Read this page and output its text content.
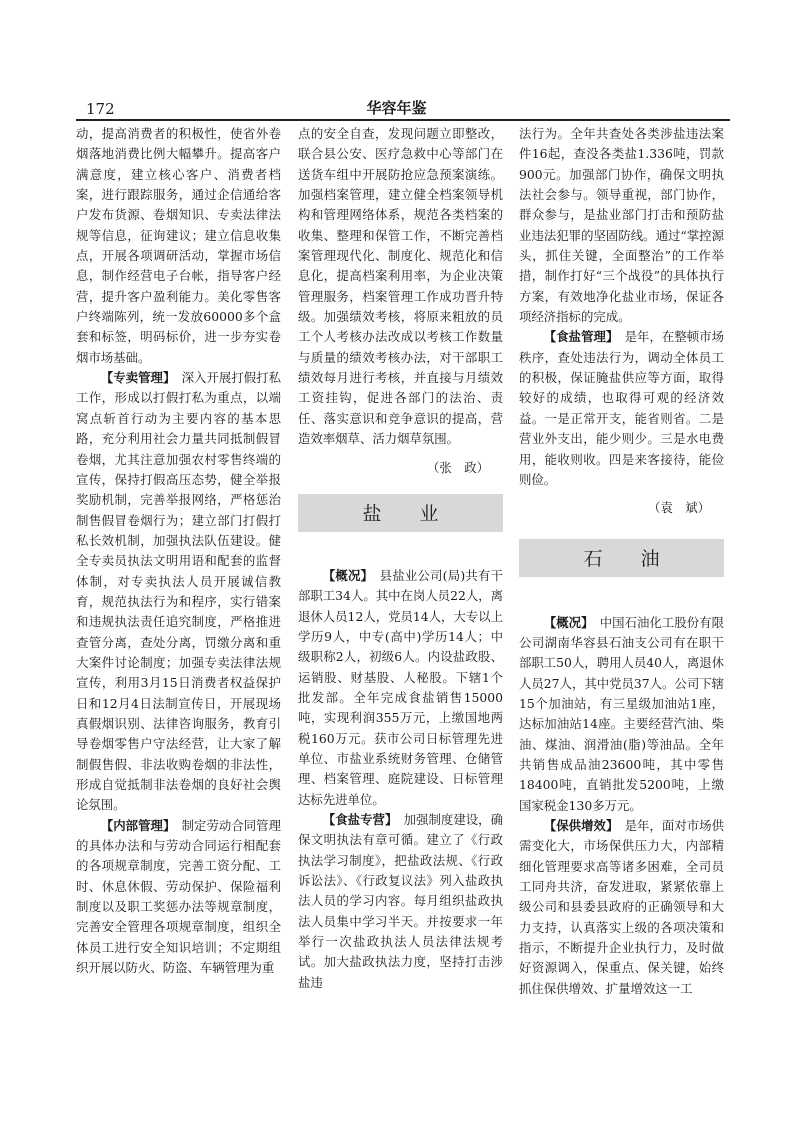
172	华容年鉴

动，提高消费者的积极性，使省外卷烟落地消费比例大幅攀升。提高客户满意度，建立核心客户、消费者档案，进行跟踪服务，通过企信通给客户发布货源、卷烟知识、专卖法律法规等信息，征询建议；建立信息收集点，开展各项调研活动，掌握市场信息，制作经营电子台帐，指导客户经营，提升客户盈利能力。美化零售客户终端陈列，统一发放60000多个盒套和标签，明码标价，进一步夯实卷烟市场基础。

【专卖管理】　 深入开展打假打私工作，形成以打假打私为重点，以端窝点斩首行动为主要内容的基本思路，充分利用社会力量共同抵制假冒卷烟，尤其注意加强农村零售终端的宣传，保持打假高压态势，健全举报奖励机制，完善举报网络，严格惩治制售假冒卷烟行为；建立部门打假打私长效机制，加强执法队伍建设。健全专卖员执法文明用语和配套的监督体制，对专卖执法人员开展诚信教育，规范执法行为和程序，实行错案和违规执法责任追究制度，严格推进查管分离，查处分离，罚缴分离和重大案件讨论制度；加强专卖法律法规宣传，利用3月15日消费者权益保护日和12月4日法制宣传日，开展现场真假烟识别、法律咨询服务，教育引导卷烟零售户守法经营，让大家了解制假售假、非法收购卷烟的非法性，形成自觉抵制非法卷烟的良好社会舆论氛围。

【内部管理】　 制定劳动合同管理的具体办法和与劳动合同运行相配套的各项规章制度，完善工资分配、工时、休息休假、劳动保护、保险福利制度以及职工奖惩办法等规章制度，完善安全管理各项规章制度，组织全体员工进行安全知识培训；不定期组织开展以防火、防盗、车辆管理为重

点的安全自查，发现问题立即整改，联合县公安、医疗急救中心等部门在送货车组中开展防抢应急预案演练。加强档案管理，建立健全档案领导机构和管理网络体系，规范各类档案的收集、整理和保管工作，不断完善档案管理现代化、制度化、规范化和信息化，提高档案利用率，为企业决策管理服务，档案管理工作成功晋升特级。加强绩效考核，将原来粗放的员工个人考核办法改成以考核工作数量与质量的绩效考核办法，对干部职工绩效每月进行考核，并直接与月绩效工资挂钩，促进各部门的法治、责任、落实意识和竞争意识的提高，营造效率烟草、活力烟草氛围。

（张　政）
盐业

【概况】　 县盐业公司(局)共有干部职工34人。其中在岗人员22人，离退休人员12人，党员14人，大专以上学历9人，中专(高中)学历14人；中级职称2人，初级6人。内设盐政股、运销股、财基股、人秘股。下辖1个批发部。全年完成食盐销售15000吨，实现利润355万元，上缴国地两税160万元。获市公司日标管理先进单位、市盐业系统财务管理、仓储管理、档案管理、庭院建设、日标管理达标先进单位。

【食盐专营】　 加强制度建设，确保文明执法有章可循。建立了《行政执法学习制度》，把盐政法规、《行政诉讼法》、《行政复议法》列入盐政执法人员的学习内容。每月组织盐政执法人员集中学习半天。并按要求一年举行一次盐政执法人员法律法规考试。加大盐政执法力度，坚持打击涉盐违

法行为。全年共查处各类涉盐违法案件16起，查没各类盐1.336吨，罚款900元。加强部门协作，确保文明执法社会参与。领导重视，部门协作，群众参与，是盐业部门打击和预防盐业违法犯罪的坚固防线。通过“掌控源头，抓住关键，全面整治”的工作举措，制作打好“三个战役”的具体执行方案，有效地净化盐业市场，保证各项经济指标的完成。

【食盐管理】　 是年，在整顿市场秩序，查处违法行为，调动全体员工的积极，保证腌盐供应等方面，取得较好的成绩，也取得可观的经济效益。一是正常开支，能省则省。二是营业外支出，能少则少。三是水电费用，能收则收。四是来客接待，能俭则俭。

（袁　斌）
石油

【概况】　 中国石油化工股份有限公司湖南华容县石油支公司有在职干部职工50人，聘用人员40人，离退休人员27人，其中党员37人。公司下辖15个加油站，有三星级加油站1座，达标加油站14座。主要经营汽油、柴油、煤油、润滑油(脂)等油品。全年共销售成品油23600吨，其中零售18400吨，直销批发5200吨，上缴国家税金130多万元。

【保供增效】　 是年，面对市场供需变化大，市场保供压力大，内部精细化管理要求高等诸多困难，全司员工同舟共济，奋发进取，紧紧依靠上级公司和县委县政府的正确领导和大力支持，认真落实上级的各项决策和指示，不断提升企业执行力，及时做好资源调入，保重点、保关键，始终抓住保供增效、扩量增效这一工
